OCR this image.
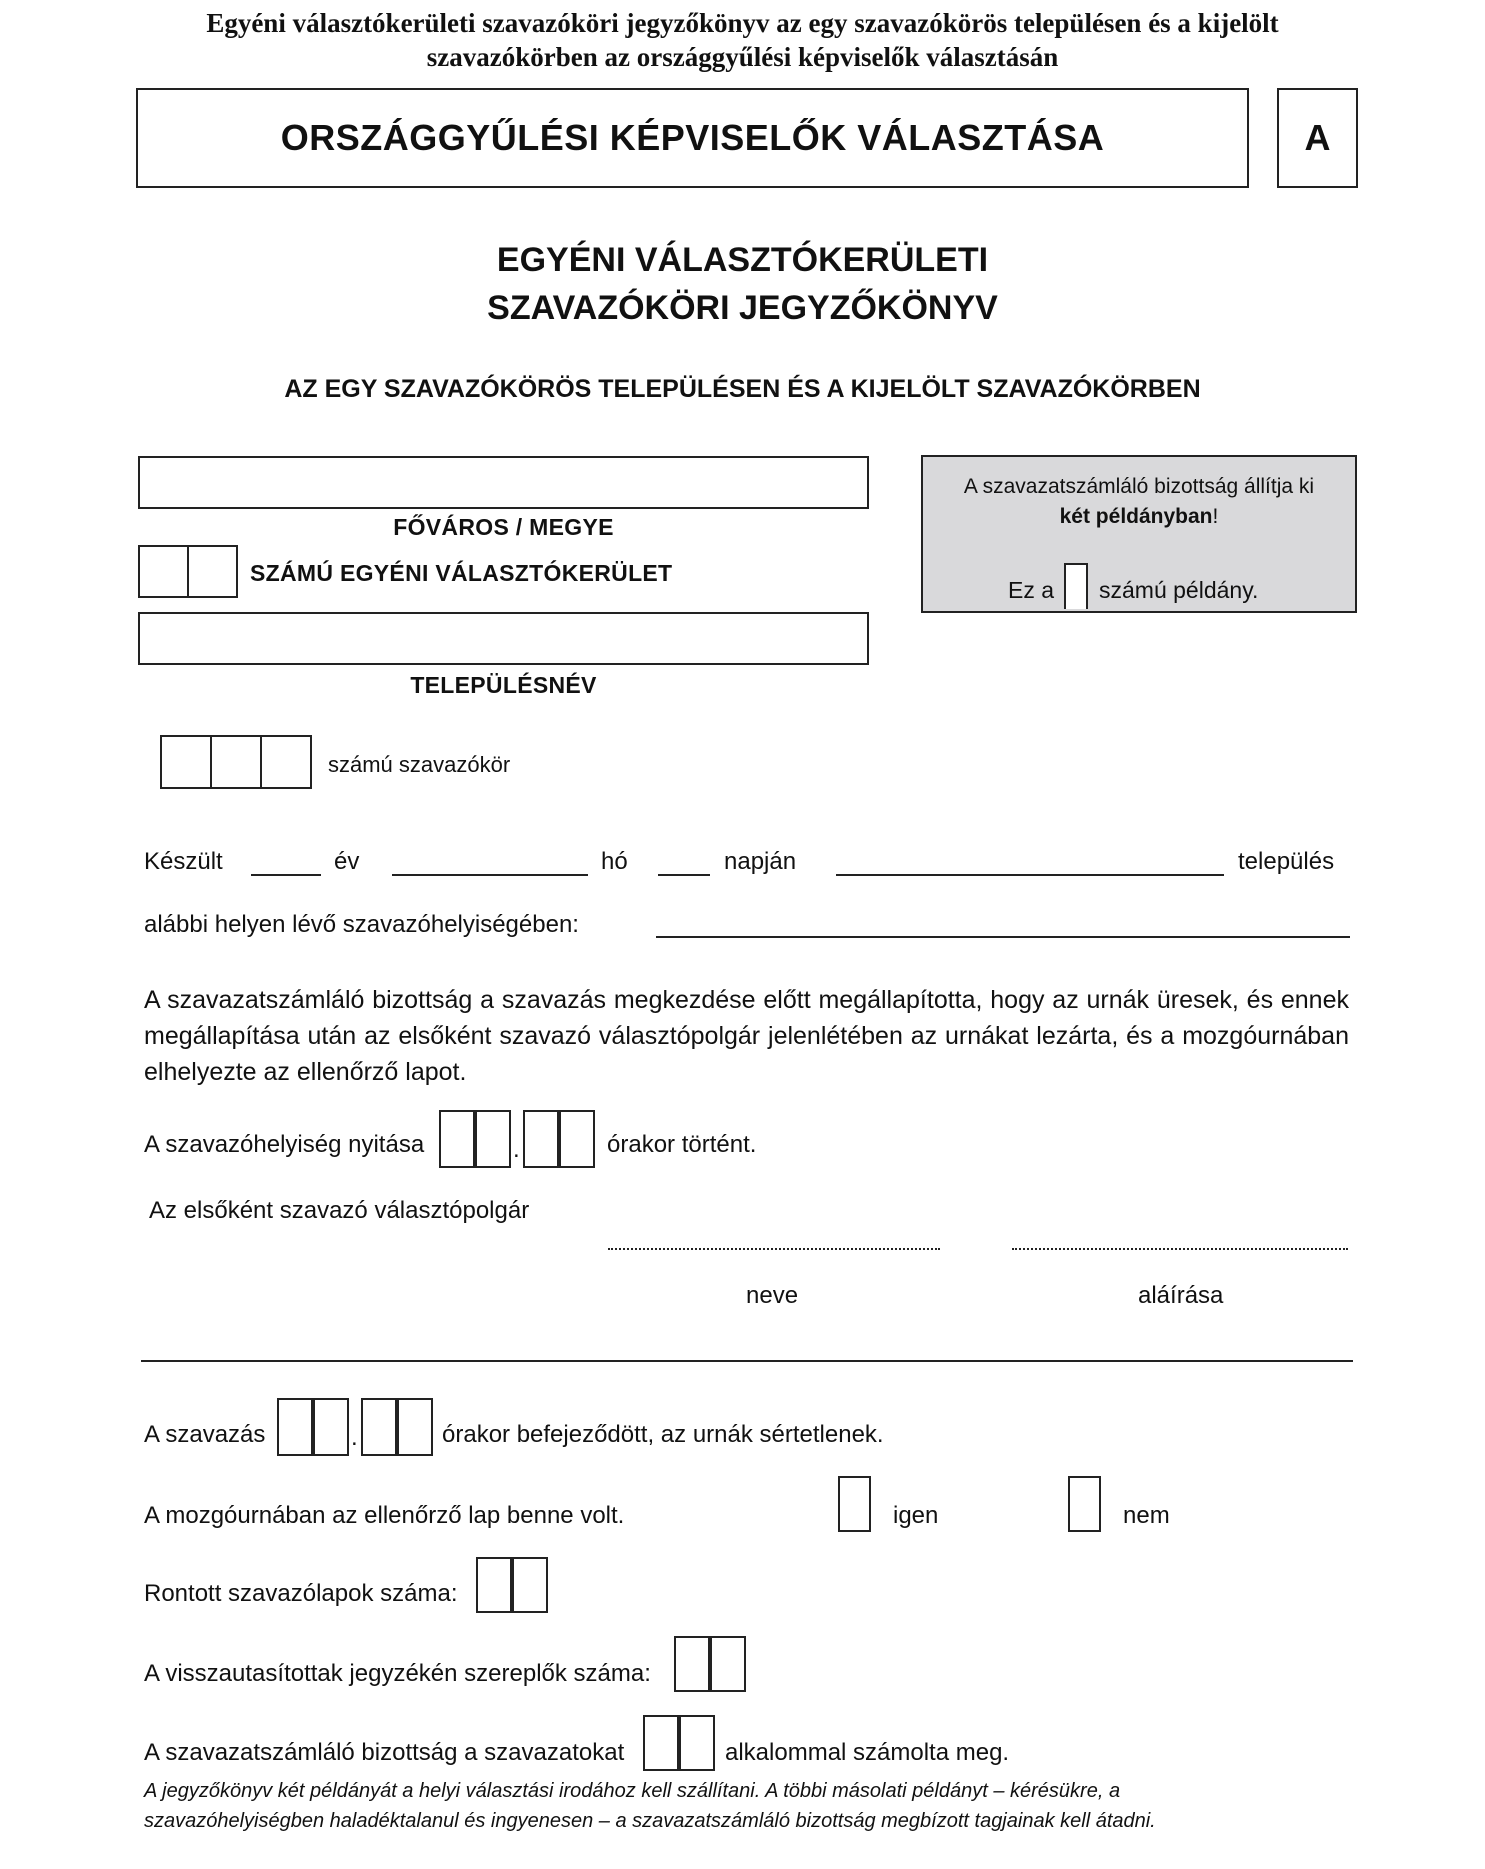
Egyéni választókerületi szavazóköri jegyzőkönyv az egy szavazókörös településen és a kijelölt
szavazókörben az országgyűlési képviselők választásán
ORSZÁGGYŰLÉSI KÉPVISELŐK VÁLASZTÁSA	A
EGYÉNI VÁLASZTÓKERÜLETI
SZAVAZÓKÖRI JEGYZŐKÖNYV
AZ EGY SZAVAZÓKÖRÖS TELEPÜLÉSEN ÉS A KIJELÖLT SZAVAZÓKÖRBEN
FŐVÁROS / MEGYE
SZÁMÚ EGYÉNI VÁLASZTÓKERÜLET
TELEPÜLÉSNÉV
A szavazatszámláló bizottság állítja ki
két példányban!
Ez a számú példány.
számú szavazókör
Készült	év	hó	napján	település
alábbi helyen lévő szavazóhelyiségében:
A szavazatszámláló bizottság a szavazás megkezdése előtt megállapította, hogy az urnák üresek, és ennek megállapítása után az elsőként szavazó választópolgár jelenlétében az urnákat lezárta, és a mozgóurnában elhelyezte az ellenőrző lapot.
A szavazóhelyiség nyitása	.	órakor történt.
Az elsőként szavazó választópolgár
neve	aláírása
A szavazás	.	órakor befejeződött, az urnák sértetlenek.
A mozgóurnában az ellenőrző lap benne volt.	igen	nem
Rontott szavazólapok száma:
A visszautasítottak jegyzékén szereplők száma:
A szavazatszámláló bizottság a szavazatokat	alkalommal számolta meg.
A jegyzőkönyv két példányát a helyi választási irodához kell szállítani. A többi másolati példányt – kérésükre, a
szavazóhelyiségben haladéktalanul és ingyenesen – a szavazatszámláló bizottság megbízott tagjainak kell átadni.
